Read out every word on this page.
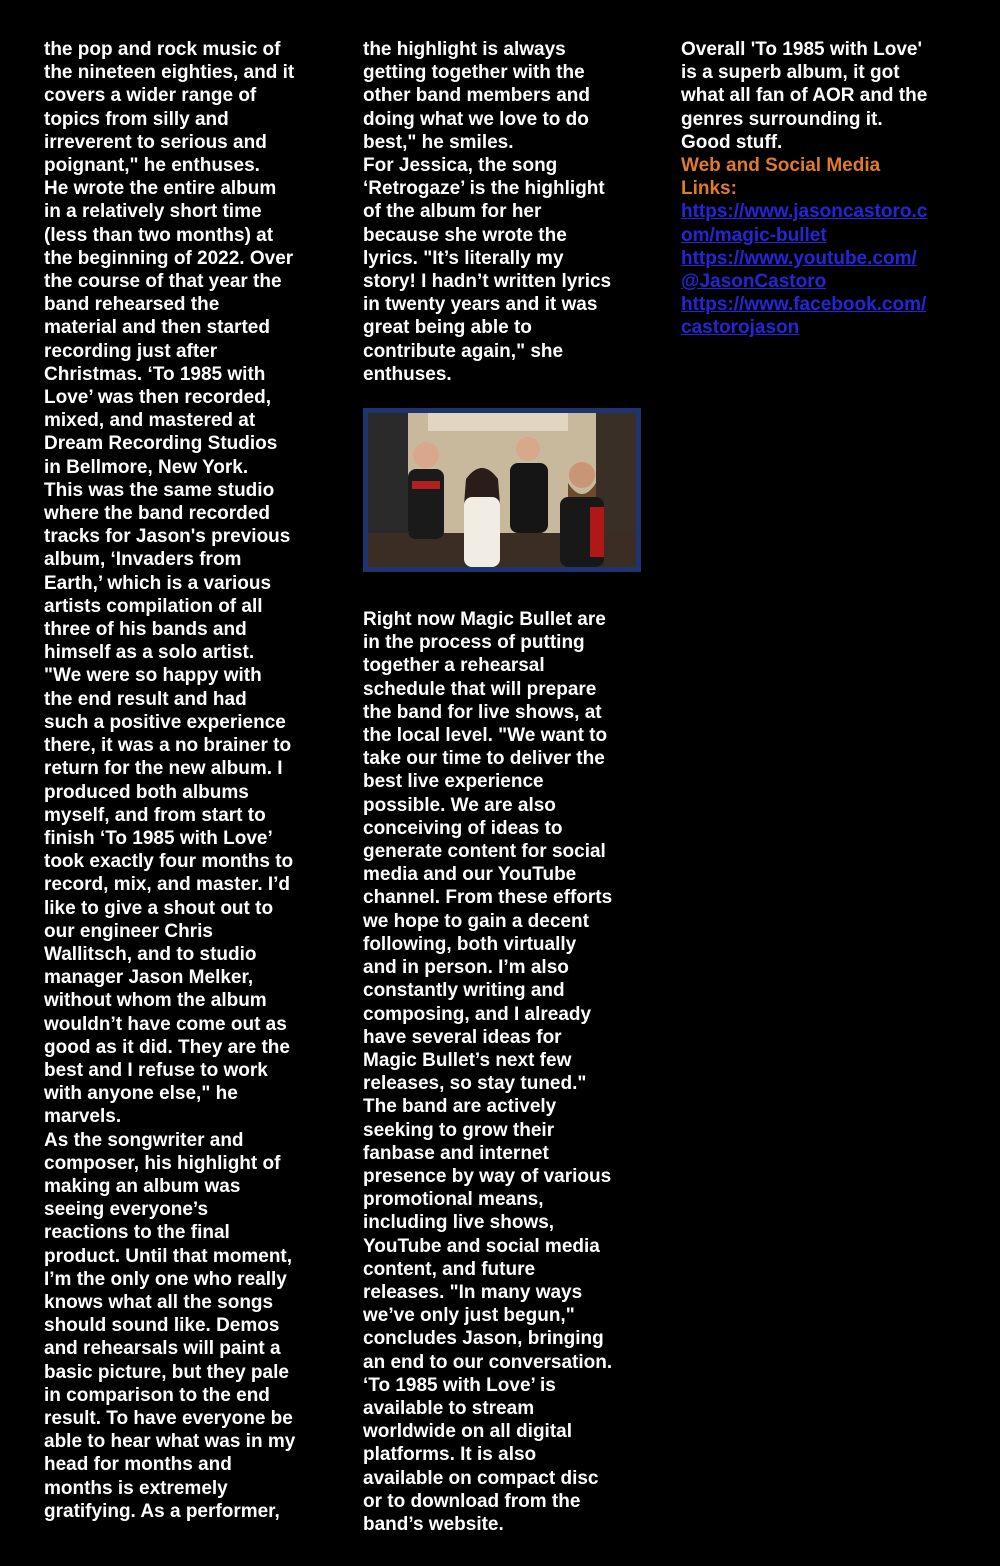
the pop and rock music of
the nineteen eighties, and it
covers a wider range of
topics from silly and
irreverent to serious and
poignant," he enthuses.
He wrote the entire album
in a relatively short time
(less than two months) at
the beginning of 2022. Over
the course of that year the
band rehearsed the
material and then started
recording just after
Christmas. ‘To 1985 with
Love’ was then recorded,
mixed, and mastered at
Dream Recording Studios
in Bellmore, New York.
This was the same studio
where the band recorded
tracks for Jason's previous
album, ‘Invaders from
Earth,’ which is a various
artists compilation of all
three of his bands and
himself as a solo artist.
"We were so happy with
the end result and had
such a positive experience
there, it was a no brainer to
return for the new album. I
produced both albums
myself, and from start to
finish ‘To 1985 with Love’
took exactly four months to
record, mix, and master. I’d
like to give a shout out to
our engineer Chris
Wallitsch, and to studio
manager Jason Melker,
without whom the album
wouldn’t have come out as
good as it did. They are the
best and I refuse to work
with anyone else," he
marvels.
As the songwriter and
composer, his highlight of
making an album was
seeing everyone’s
reactions to the final
product. Until that moment,
I’m the only one who really
knows what all the songs
should sound like. Demos
and rehearsals will paint a
basic picture, but they pale
in comparison to the end
result. To have everyone be
able to hear what was in my
head for months and
months is extremely
gratifying. As a performer,
the highlight is always
getting together with the
other band members and
doing what we love to do
best," he smiles.
For Jessica, the song
‘Retrogaze’ is the highlight
of the album for her
because she wrote the
lyrics. "It’s literally my
story! I hadn’t written lyrics
in twenty years and it was
great being able to
contribute again," she
enthuses.
Right now Magic Bullet are
in the process of putting
together a rehearsal
schedule that will prepare
the band for live shows, at
the local level. "We want to
take our time to deliver the
best live experience
possible. We are also
conceiving of ideas to
generate content for social
media and our YouTube
channel. From these efforts
we hope to gain a decent
following, both virtually
and in person. I’m also
constantly writing and
composing, and I already
have several ideas for
Magic Bullet’s next few
releases, so stay tuned."
The band are actively
seeking to grow their
fanbase and internet
presence by way of various
promotional means,
including live shows,
YouTube and social media
content, and future
releases. "In many ways
we’ve only just begun,"
concludes Jason, bringing
an end to our conversation.
‘To 1985 with Love’ is
available to stream
worldwide on all digital
platforms. It is also
available on compact disc
or to download from the
band’s website.
Overall 'To 1985 with Love'
is a superb album, it got
what all fan of AOR and the
genres surrounding it.
Good stuff.
Web and Social Media
Links:
https://www.jasoncastoro.c
om/magic-bullet
https://www.youtube.com/
@JasonCastoro
https://www.facebook.com/
castorojason
